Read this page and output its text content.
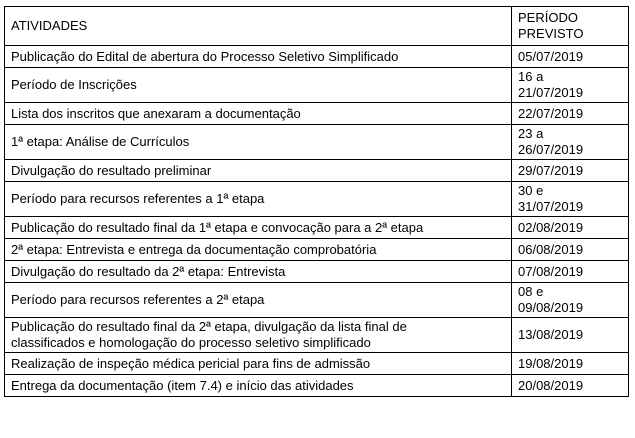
ATIVIDADES	PERÍODO
PREVISTO
Publicação do Edital de abertura do Processo Seletivo Simplificado	05/07/2019
Período de Inscrições	16 a
21/07/2019
Lista dos inscritos que anexaram a documentação	22/07/2019
1ª etapa: Análise de Currículos	23 a
26/07/2019
Divulgação do resultado preliminar	29/07/2019
Período para recursos referentes a 1ª etapa	30 e
31/07/2019
Publicação do resultado final da 1ª etapa e convocação para a 2ª etapa	02/08/2019
2ª etapa: Entrevista e entrega da documentação comprobatória	06/08/2019
Divulgação do resultado da 2ª etapa: Entrevista	07/08/2019
Período para recursos referentes a 2ª etapa	08 e
09/08/2019
Publicação do resultado final da 2ª etapa, divulgação da lista final de
classificados e homologação do processo seletivo simplificado	13/08/2019
Realização de inspeção médica pericial para fins de admissão	19/08/2019
Entrega da documentação (item 7.4) e início das atividades	20/08/2019
